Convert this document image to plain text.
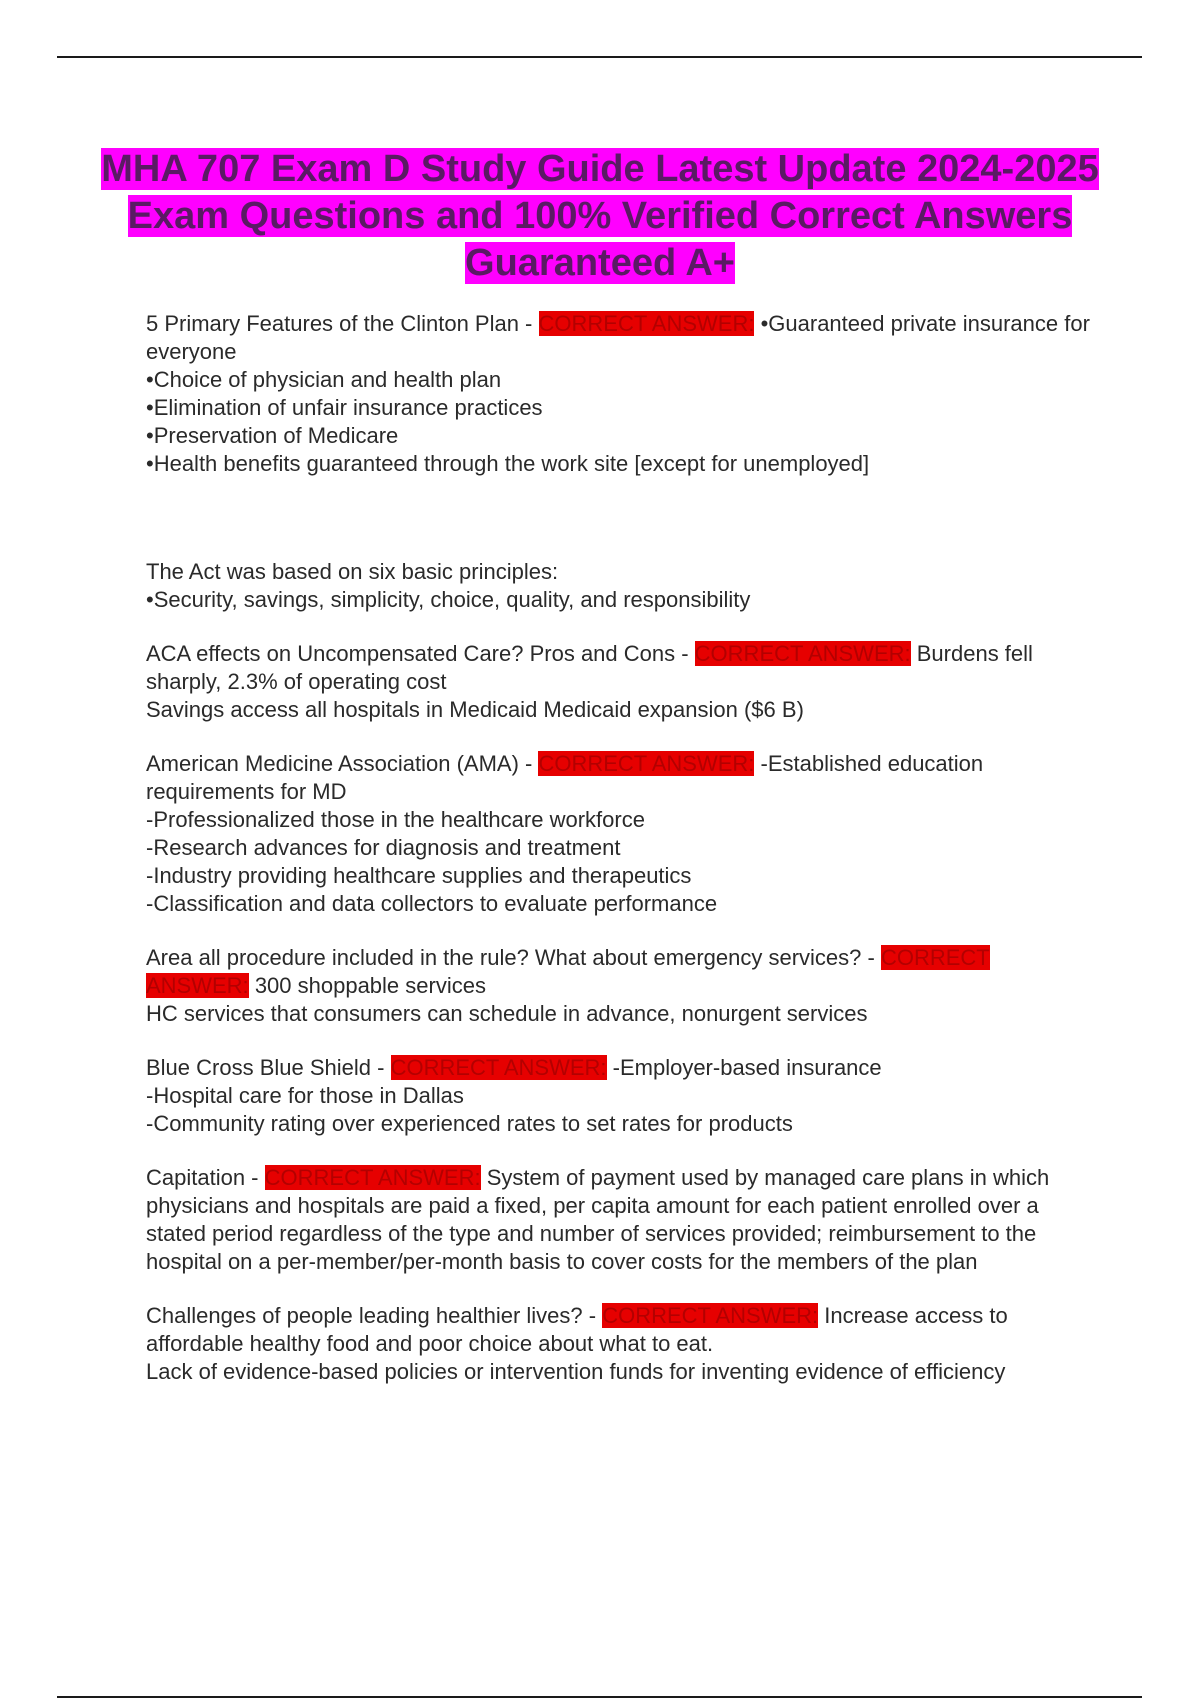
MHA 707 Exam D Study Guide Latest Update 2024-2025 Exam Questions and 100% Verified Correct Answers Guaranteed A+
5 Primary Features of the Clinton Plan - CORRECT ANSWER: •Guaranteed private insurance for everyone
•Choice of physician and health plan
•Elimination of unfair insurance practices
•Preservation of Medicare
•Health benefits guaranteed through the work site [except for unemployed]
The Act was based on six basic principles:
•Security, savings, simplicity, choice, quality, and responsibility
ACA effects on Uncompensated Care? Pros and Cons - CORRECT ANSWER: Burdens fell sharply, 2.3% of operating cost
Savings access all hospitals in Medicaid Medicaid expansion ($6 B)
American Medicine Association (AMA) - CORRECT ANSWER: -Established education requirements for MD
-Professionalized those in the healthcare workforce
-Research advances for diagnosis and treatment
-Industry providing healthcare supplies and therapeutics
-Classification and data collectors to evaluate performance
Area all procedure included in the rule? What about emergency services? - CORRECT ANSWER: 300 shoppable services
HC services that consumers can schedule in advance, nonurgent services
Blue Cross Blue Shield - CORRECT ANSWER: -Employer-based insurance
-Hospital care for those in Dallas
-Community rating over experienced rates to set rates for products
Capitation - CORRECT ANSWER: System of payment used by managed care plans in which physicians and hospitals are paid a fixed, per capita amount for each patient enrolled over a stated period regardless of the type and number of services provided; reimbursement to the hospital on a per-member/per-month basis to cover costs for the members of the plan
Challenges of people leading healthier lives? - CORRECT ANSWER: Increase access to affordable healthy food and poor choice about what to eat.
Lack of evidence-based policies or intervention funds for inventing evidence of efficiency
